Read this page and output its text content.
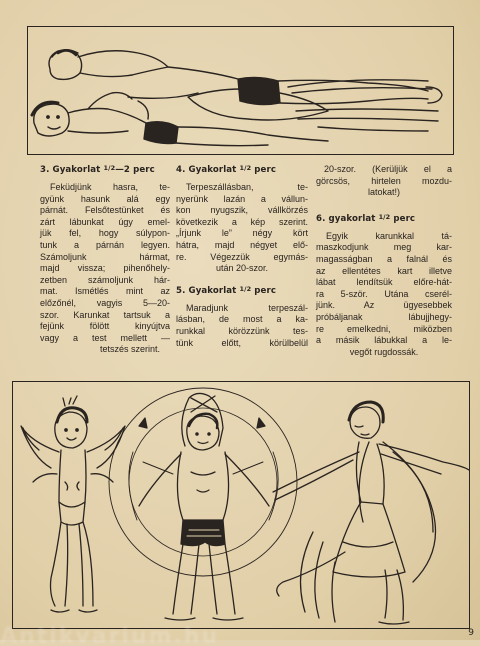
3. Gyakorlat $^{1/2}$—2 perc
Feküdjünk hasra, te-
gyünk hasunk alá egy
párnát. Felsőtestünket és
zárt lábunkat úgy emel-
jük fel, hogy súlypon-
tunk a párnán legyen.
Számoljunk hármat,
majd vissza; pihenőhely-
zetben számoljunk hár-
mat. Ismétlés mint az
előzőnél, vagyis 5—20-
szor. Karunkat tartsuk a
fejünk fölött kinyújtva
vagy a test mellett —
tetszés szerint.
4. Gyakorlat $^{1/2}$ perc
Terpeszállásban, te-
nyerünk lazán a vállun-
kon nyugszik, vállkörzés
következik a kép szerint.
„Írjunk le” négy kört
hátra, majd négyet elő-
re. Végezzük egymás-
után 20-szor.
5. Gyakorlat $^{1/2}$ perc
Maradjunk terpeszál-
lásban, de most a ka-
runkkal körözzünk tes-
tünk előtt, körülbelül
20-szor. (Kerüljük el a
görcsös, hirtelen mozdu-
latokat!)
6. gyakorlat $^{1/2}$ perc
Egyik karunkkal tá-
maszkodjunk meg kar-
magasságban a falnál és
az ellentétes kart illetve
lábat lendítsük előre-hát-
ra 5-ször. Utána cserél-
jünk. Az ügyesebbek
próbáljanak lábujjhegy-
re emelkedni, miközben
a másik lábukkal a le-
vegőt rugdossák.
Antikvarium.hu	9
